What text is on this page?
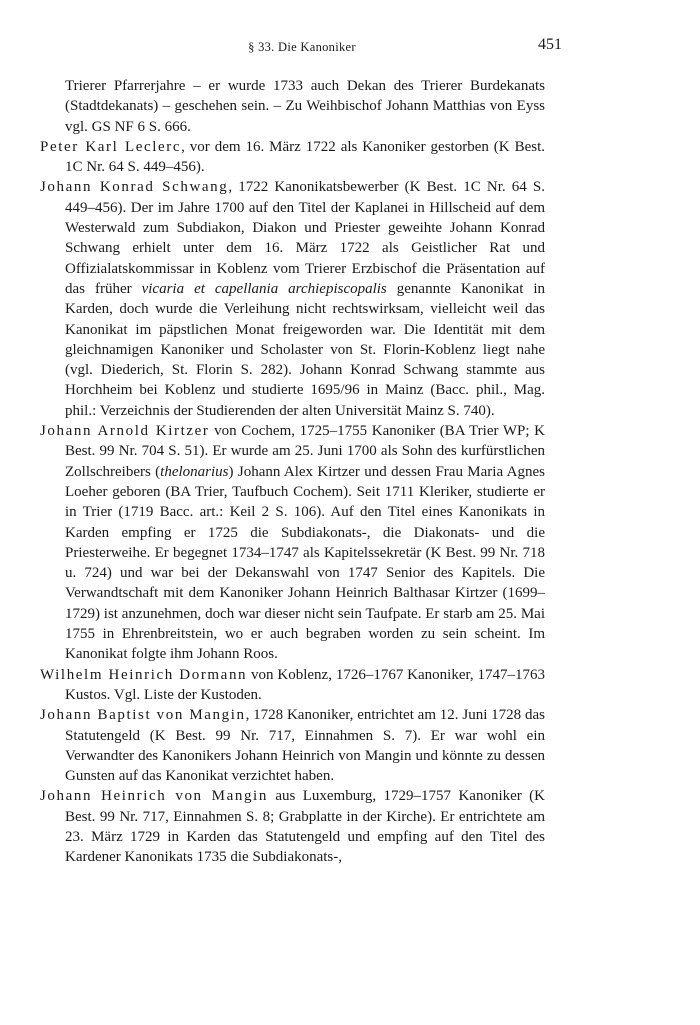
§ 33. Die Kanoniker	451

Trierer Pfarrerjahre – er wurde 1733 auch Dekan des Trierer Burdekanats (Stadtdekanats) – geschehen sein. – Zu Weihbischof Johann Matthias von Eyss vgl. GS NF 6 S. 666.

Peter Karl Leclerc, vor dem 16. März 1722 als Kanoniker gestorben (K Best. 1C Nr. 64 S. 449–456).

Johann Konrad Schwang, 1722 Kanonikatsbewerber (K Best. 1C Nr. 64 S. 449–456). Der im Jahre 1700 auf den Titel der Kaplanei in Hillscheid auf dem Westerwald zum Subdiakon, Diakon und Priester geweihte Johann Konrad Schwang erhielt unter dem 16. März 1722 als Geistlicher Rat und Offizialatskommissar in Koblenz vom Trierer Erzbischof die Präsentation auf das früher vicaria et capellania archiepiscopalis genannte Kanonikat in Karden, doch wurde die Verleihung nicht rechtswirksam, vielleicht weil das Kanonikat im päpstlichen Monat freigeworden war. Die Identität mit dem gleichnamigen Kanoniker und Scholaster von St. Florin-Koblenz liegt nahe (vgl. Diederich, St. Florin S. 282). Johann Konrad Schwang stammte aus Horchheim bei Koblenz und studierte 1695/96 in Mainz (Bacc. phil., Mag. phil.: Verzeichnis der Studierenden der alten Universität Mainz S. 740).

Johann Arnold Kirtzer von Cochem, 1725–1755 Kanoniker (BA Trier WP; K Best. 99 Nr. 704 S. 51). Er wurde am 25. Juni 1700 als Sohn des kurfürstlichen Zollschreibers (thelonarius) Johann Alex Kirtzer und dessen Frau Maria Agnes Loeher geboren (BA Trier, Taufbuch Cochem). Seit 1711 Kleriker, studierte er in Trier (1719 Bacc. art.: Keil 2 S. 106). Auf den Titel eines Kanonikats in Karden empfing er 1725 die Subdiakonats-, die Diakonats- und die Priesterweihe. Er begegnet 1734–1747 als Kapitelssekretär (K Best. 99 Nr. 718 u. 724) und war bei der Dekanswahl von 1747 Senior des Kapitels. Die Verwandtschaft mit dem Kanoniker Johann Heinrich Balthasar Kirtzer (1699–1729) ist anzunehmen, doch war dieser nicht sein Taufpate. Er starb am 25. Mai 1755 in Ehrenbreitstein, wo er auch begraben worden zu sein scheint. Im Kanonikat folgte ihm Johann Roos.

Wilhelm Heinrich Dormann von Koblenz, 1726–1767 Kanoniker, 1747–1763 Kustos. Vgl. Liste der Kustoden.

Johann Baptist von Mangin, 1728 Kanoniker, entrichtet am 12. Juni 1728 das Statutengeld (K Best. 99 Nr. 717, Einnahmen S. 7). Er war wohl ein Verwandter des Kanonikers Johann Heinrich von Mangin und könnte zu dessen Gunsten auf das Kanonikat verzichtet haben.

Johann Heinrich von Mangin aus Luxemburg, 1729–1757 Kanoniker (K Best. 99 Nr. 717, Einnahmen S. 8; Grabplatte in der Kirche). Er entrichtete am 23. März 1729 in Karden das Statutengeld und empfing auf den Titel des Kardener Kanonikats 1735 die Subdiakonats-,
